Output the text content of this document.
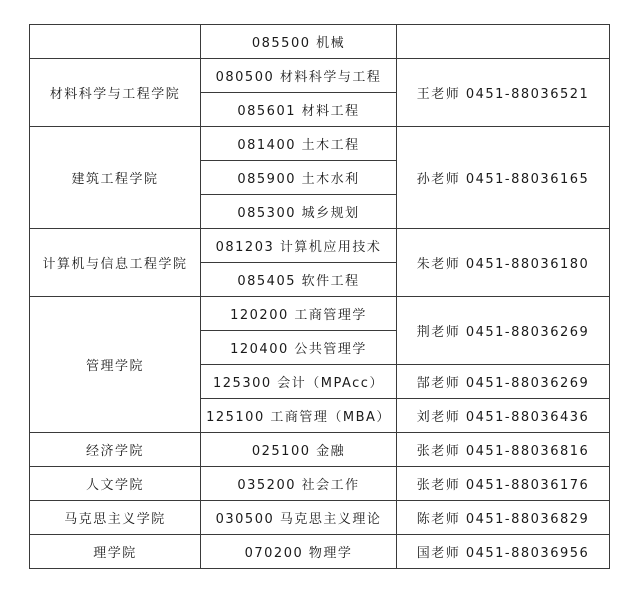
	085500 机械	
材料科学与工程学院	080500 材料科学与工程	王老师 0451-88036521
	085601 材料工程	
建筑工程学院	081400 土木工程	孙老师 0451-88036165
	085900 土木水利	
	085300 城乡规划	
计算机与信息工程学院	081203 计算机应用技术	朱老师 0451-88036180
	085405 软件工程	
管理学院	120200 工商管理学	荆老师 0451-88036269
	120400 公共管理学	
	125300 会计（MPAcc）	郜老师 0451-88036269
	125100 工商管理（MBA）	刘老师 0451-88036436
经济学院	025100 金融	张老师 0451-88036816
人文学院	035200 社会工作	张老师 0451-88036176
马克思主义学院	030500 马克思主义理论	陈老师 0451-88036829
理学院	070200 物理学	国老师 0451-88036956
